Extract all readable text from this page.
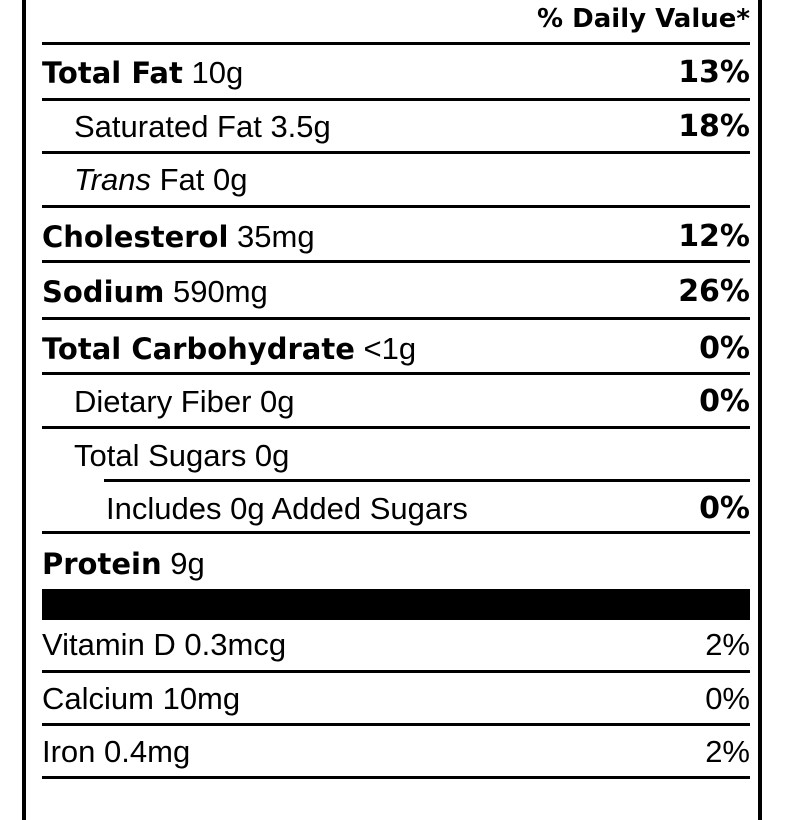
% Daily Value*
Total Fat 10g	13%
Saturated Fat 3.5g	18%
Trans Fat 0g
Cholesterol 35mg	12%
Sodium 590mg	26%
Total Carbohydrate <1g	0%
Dietary Fiber 0g	0%
Total Sugars 0g
Includes 0g Added Sugars	0%
Protein 9g
Vitamin D 0.3mcg	2%
Calcium 10mg	0%
Iron 0.4mg	2%
